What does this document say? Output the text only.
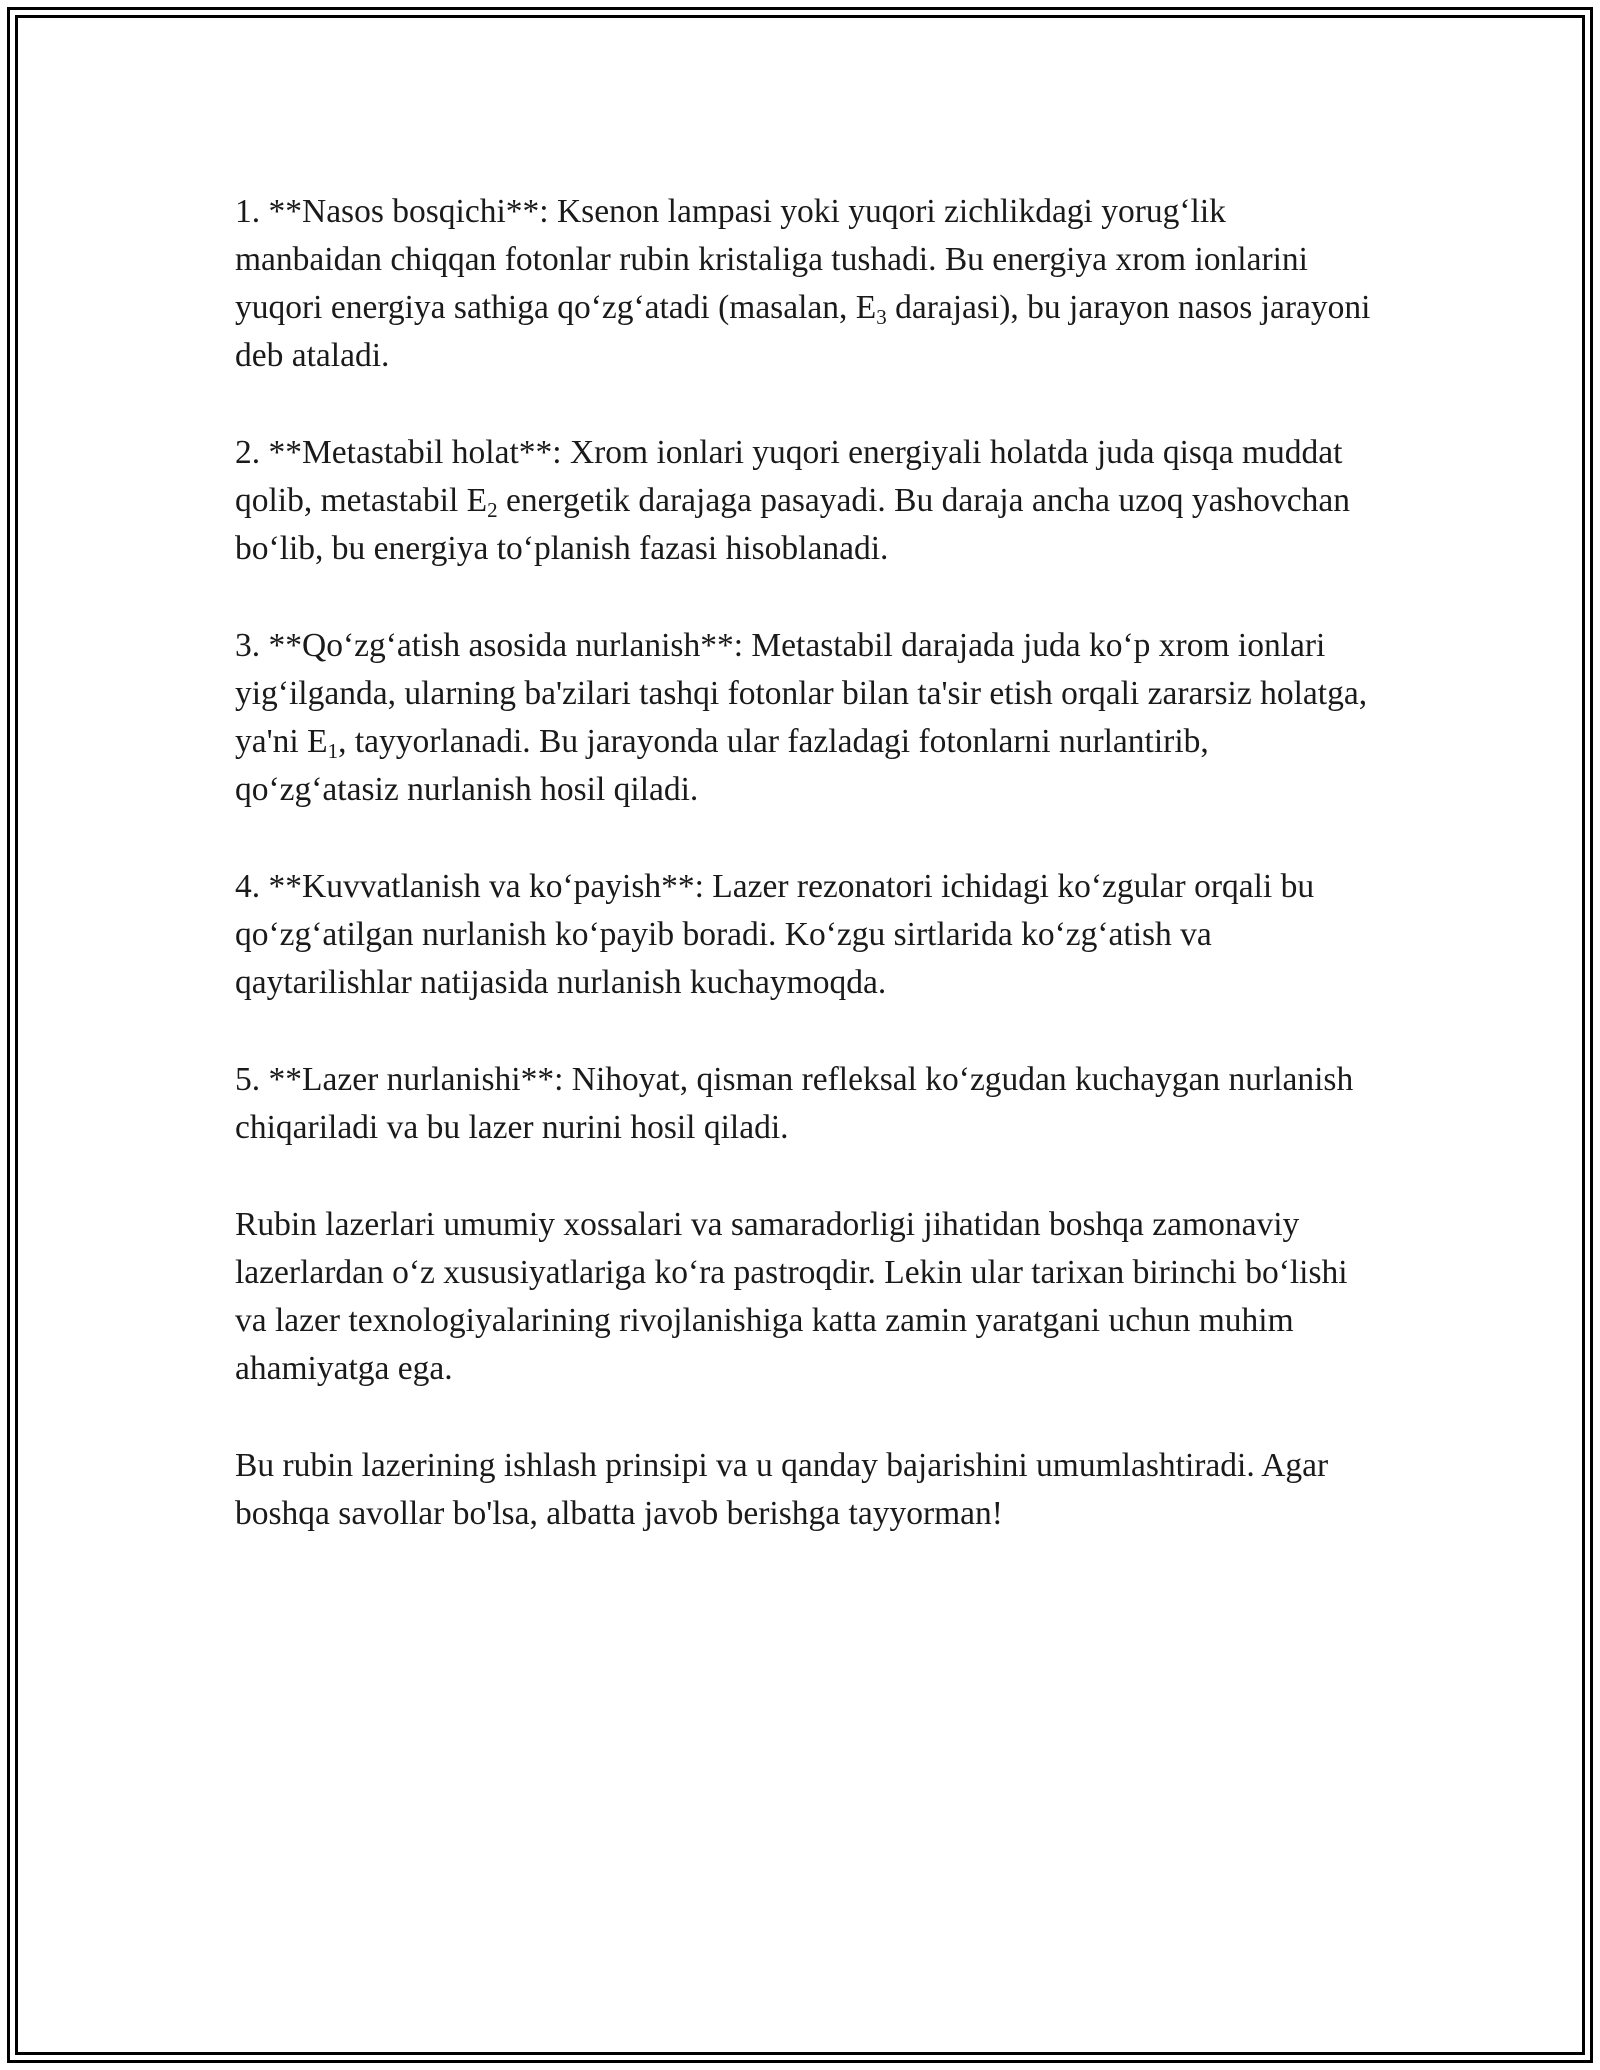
1. **Nasos bosqichi**: Ksenon lampasi yoki yuqori zichlikdagi yorug‘lik manbaidan chiqqan fotonlar rubin kristaliga tushadi. Bu energiya xrom ionlarini yuqori energiya sathiga qo‘zg‘atadi (masalan, $E_3$ darajasi), bu jarayon nasos jarayoni deb ataladi.

2. **Metastabil holat**: Xrom ionlari yuqori energiyali holatda juda qisqa muddat qolib, metastabil $E_2$ energetik darajaga pasayadi. Bu daraja ancha uzoq yashovchan bo‘lib, bu energiya to‘planish fazasi hisoblanadi.

3. **Qo‘zg‘atish asosida nurlanish**: Metastabil darajada juda ko‘p xrom ionlari yig‘ilganda, ularning ba'zilari tashqi fotonlar bilan ta'sir etish orqali zararsiz holatga, ya'ni $E_1$, tayyorlanadi. Bu jarayonda ular fazladagi fotonlarni nurlantirib, qo‘zg‘atasiz nurlanish hosil qiladi.

4. **Kuvvatlanish va ko‘payish**: Lazer rezonatori ichidagi ko‘zgular orqali bu qo‘zg‘atilgan nurlanish ko‘payib boradi. Ko‘zgu sirtlarida ko‘zg‘atish va qaytarilishlar natijasida nurlanish kuchaymoqda.

5. **Lazer nurlanishi**: Nihoyat, qisman refleksal ko‘zgudan kuchaygan nurlanish chiqariladi va bu lazer nurini hosil qiladi.

Rubin lazerlari umumiy xossalari va samaradorligi jihatidan boshqa zamonaviy lazerlardan o‘z xususiyatlariga ko‘ra pastroqdir. Lekin ular tarixan birinchi bo‘lishi va lazer texnologiyalarining rivojlanishiga katta zamin yaratgani uchun muhim ahamiyatga ega.

Bu rubin lazerining ishlash prinsipi va u qanday bajarishini umumlashtiradi. Agar boshqa savollar bo'lsa, albatta javob berishga tayyorman!
